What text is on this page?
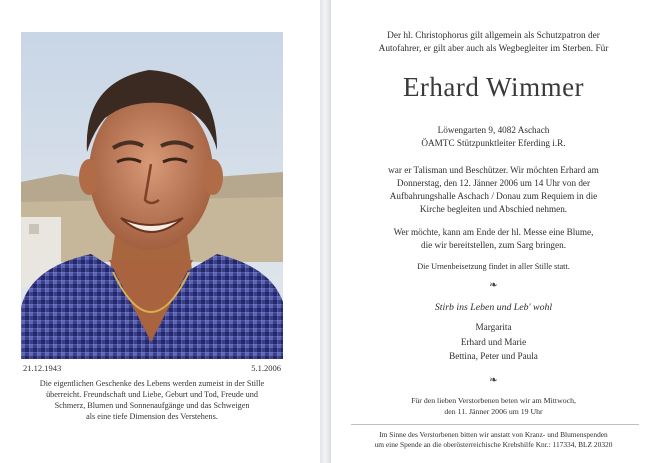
21.12.1943	5.1.2006
Die eigentlichen Geschenke des Lebens werden zumeist in der Stille
überreicht. Freundschaft und Liebe, Geburt und Tod, Freude und
Schmerz, Blumen und Sonnenaufgänge und das Schweigen
als eine tiefe Dimension des Verstehens.
Der hl. Christophorus gilt allgemein als Schutzpatron der
Autofahrer, er gilt aber auch als Wegbegleiter im Sterben. Für
Erhard Wimmer
Löwengarten 9, 4082 Aschach
ÖAMTC Stützpunktleiter Eferding i.R.
war er Talisman und Beschützer. Wir möchten Erhard am
Donnerstag, den 12. Jänner 2006 um 14 Uhr von der
Aufbahrungshalle Aschach / Donau zum Requiem in die
Kirche begleiten und Abschied nehmen.
Wer möchte, kann am Ende der hl. Messe eine Blume,
die wir bereitstellen, zum Sarg bringen.
Die Urnenbeisetzung findet in aller Stille statt.
❧
Stirb ins Leben und Leb' wohl
Margarita
Erhard und Marie
Bettina, Peter und Paula
❧
Für den lieben Verstorbenen beten wir am Mittwoch,
den 11. Jänner 2006 um 19 Uhr
Im Sinne des Verstorbenen bitten wir anstatt von Kranz- und Blumenspenden
um eine Spende an die oberösterreichische Krebshilfe Knr.: 117334, BLZ 20320
